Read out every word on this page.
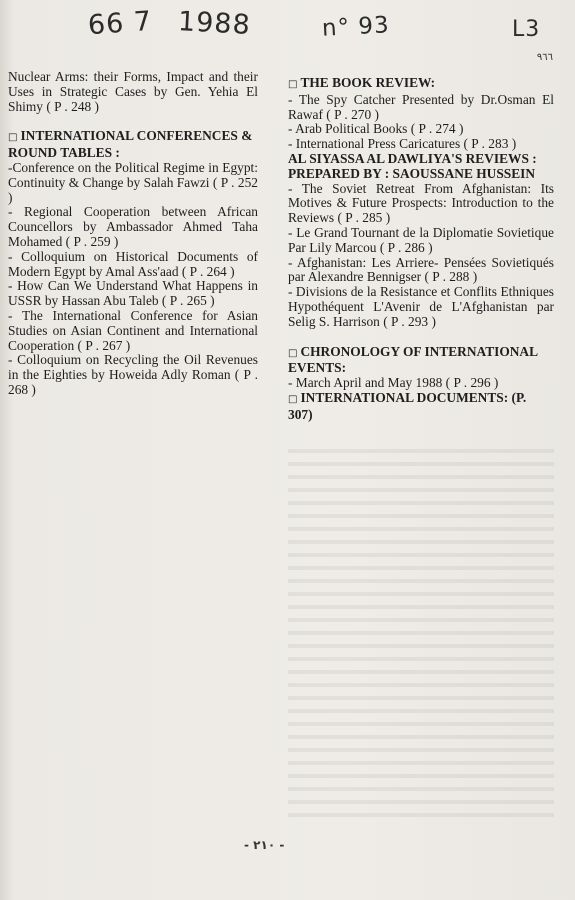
66 7 1988	n° 93	L3
٩٦٦
Nuclear Arms: their Forms, Impact and their Uses in Strategic Cases by Gen. Yehia El Shimy ( P . 248 )
□ INTERNATIONAL CONFERENCES &
ROUND TABLES :
-Conference on the Political Regime in Egypt: Continuity & Change by Salah Fawzi ( P . 252 )
- Regional Cooperation between African Councellors by Ambassador Ahmed Taha Mohamed ( P . 259 )
- Colloquium on Historical Documents of Modern Egypt by Amal Ass'aad ( P . 264 )
- How Can We Understand What Happens in USSR by Hassan Abu Taleb ( P . 265 )
- The International Conference for Asian Studies on Asian Continent and International Cooperation ( P . 267 )
- Colloquium on Recycling the Oil Revenues in the Eighties by Howeida Adly Roman ( P . 268 )
□ THE BOOK REVIEW:
- The Spy Catcher Presented by Dr.Osman El Rawaf ( P . 270 )
- Arab Political Books ( P . 274 )
- International Press Caricatures ( P . 283 )
AL SIYASSA AL DAWLIYA'S REVIEWS : PREPARED BY : SAOUSSANE HUSSEIN
- The Soviet Retreat From Afghanistan: Its Motives & Future Prospects: Introduction to the Reviews ( P . 285 )
- Le Grand Tournant de la Diplomatie Sovietique Par Lily Marcou ( P . 286 )
- Afghanistan: Les Arriere- Pensées Sovietiqués par Alexandre Bennigser ( P . 288 )
- Divisions de la Resistance et Conflits Ethniques Hypothéquent L'Avenir de L'Afghanistan par Selig S. Harrison ( P . 293 )
□ CHRONOLOGY OF INTERNATIONAL EVENTS:
- March April and May 1988 ( P . 296 )
□ INTERNATIONAL DOCUMENTS: (P. 307)
- ٢١٠ -
